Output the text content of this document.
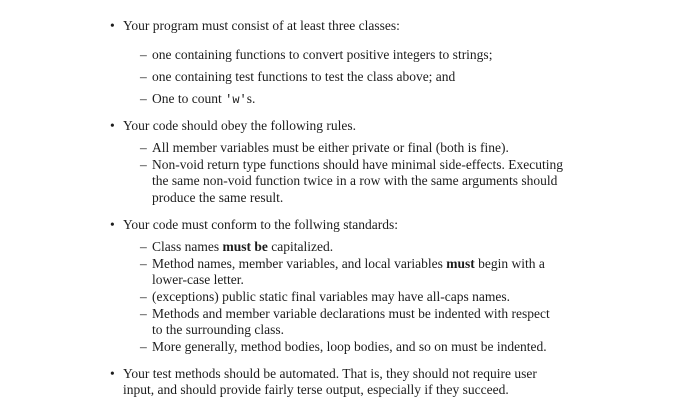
• Your program must consist of at least three classes:
– one containing functions to convert positive integers to strings;
– one containing test functions to test the class above; and
– One to count 'w's.
• Your code should obey the following rules.
– All member variables must be either private or final (both is fine).
– Non-void return type functions should have minimal side-effects. Executing
the same non-void function twice in a row with the same arguments should
produce the same result.
• Your code must conform to the follwing standards:
– Class names must be capitalized.
– Method names, member variables, and local variables must begin with a
lower-case letter.
– (exceptions) public static final variables may have all-caps names.
– Methods and member variable declarations must be indented with respect
to the surrounding class.
– More generally, method bodies, loop bodies, and so on must be indented.
• Your test methods should be automated. That is, they should not require user
input, and should provide fairly terse output, especially if they succeed.
